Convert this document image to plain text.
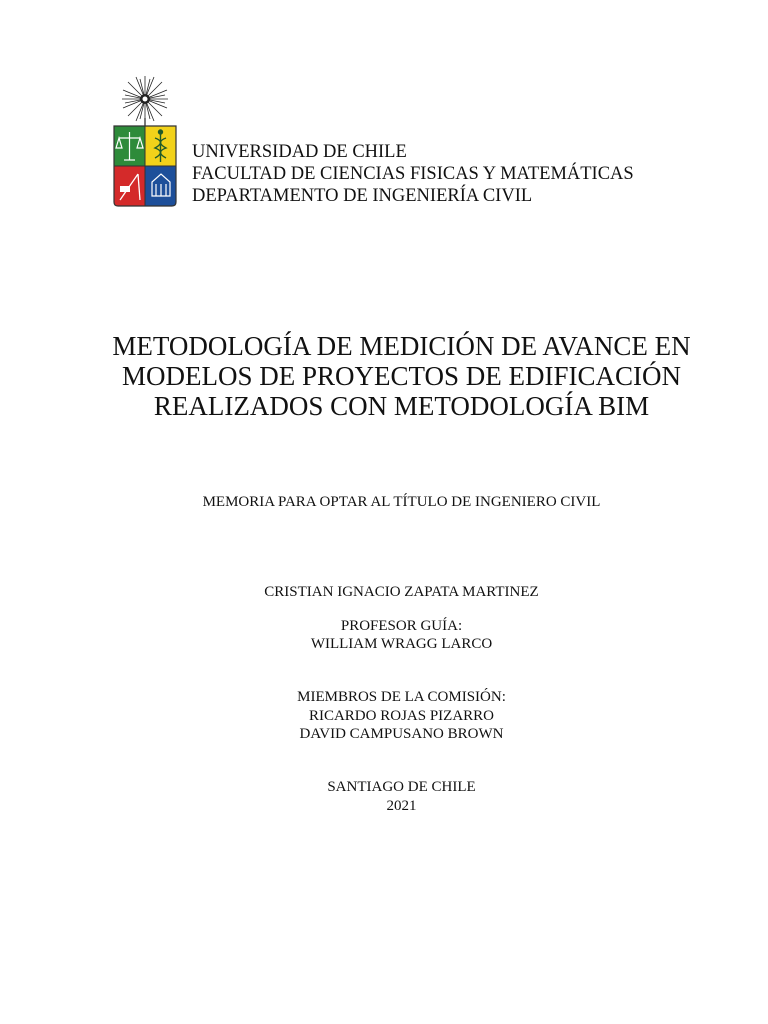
UNIVERSIDAD DE CHILE
FACULTAD DE CIENCIAS FISICAS Y MATEMÁTICAS
DEPARTAMENTO DE INGENIERÍA CIVIL
METODOLOGÍA DE MEDICIÓN DE AVANCE EN
MODELOS DE PROYECTOS DE EDIFICACIÓN
REALIZADOS CON METODOLOGÍA BIM
MEMORIA PARA OPTAR AL TÍTULO DE INGENIERO CIVIL
CRISTIAN IGNACIO ZAPATA MARTINEZ
PROFESOR GUÍA:
WILLIAM WRAGG LARCO
MIEMBROS DE LA COMISIÓN:
RICARDO ROJAS PIZARRO
DAVID CAMPUSANO BROWN
SANTIAGO DE CHILE
2021
